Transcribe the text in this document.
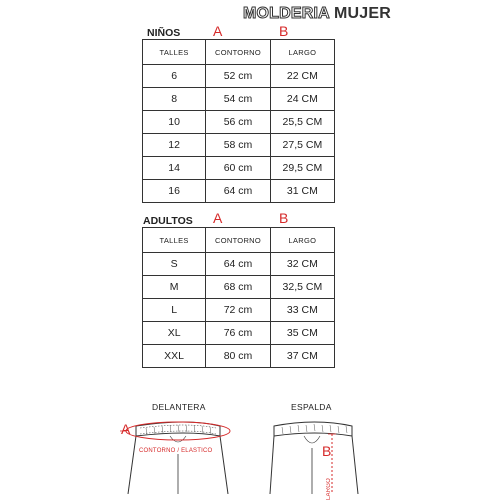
MOLDERIA MUJER
NIÑOS A	B
TALLES	CONTORNO	LARGO
6	52 cm	22 CM
8	54 cm	24 CM
10	56 cm	25,5 CM
12	58 cm	27,5 CM
14	60 cm	29,5 CM
16	64 cm	31 CM
ADULTOS A	B
TALLES	CONTORNO	LARGO
S	64 cm	32 CM
M	68 cm	32,5 CM
L	72 cm	33 CM
XL	76 cm	35 CM
XXL	80 cm	37 CM
DELANTERA	ESPALDA
A
B
CONTORNO / ELASTICO
LARGO
